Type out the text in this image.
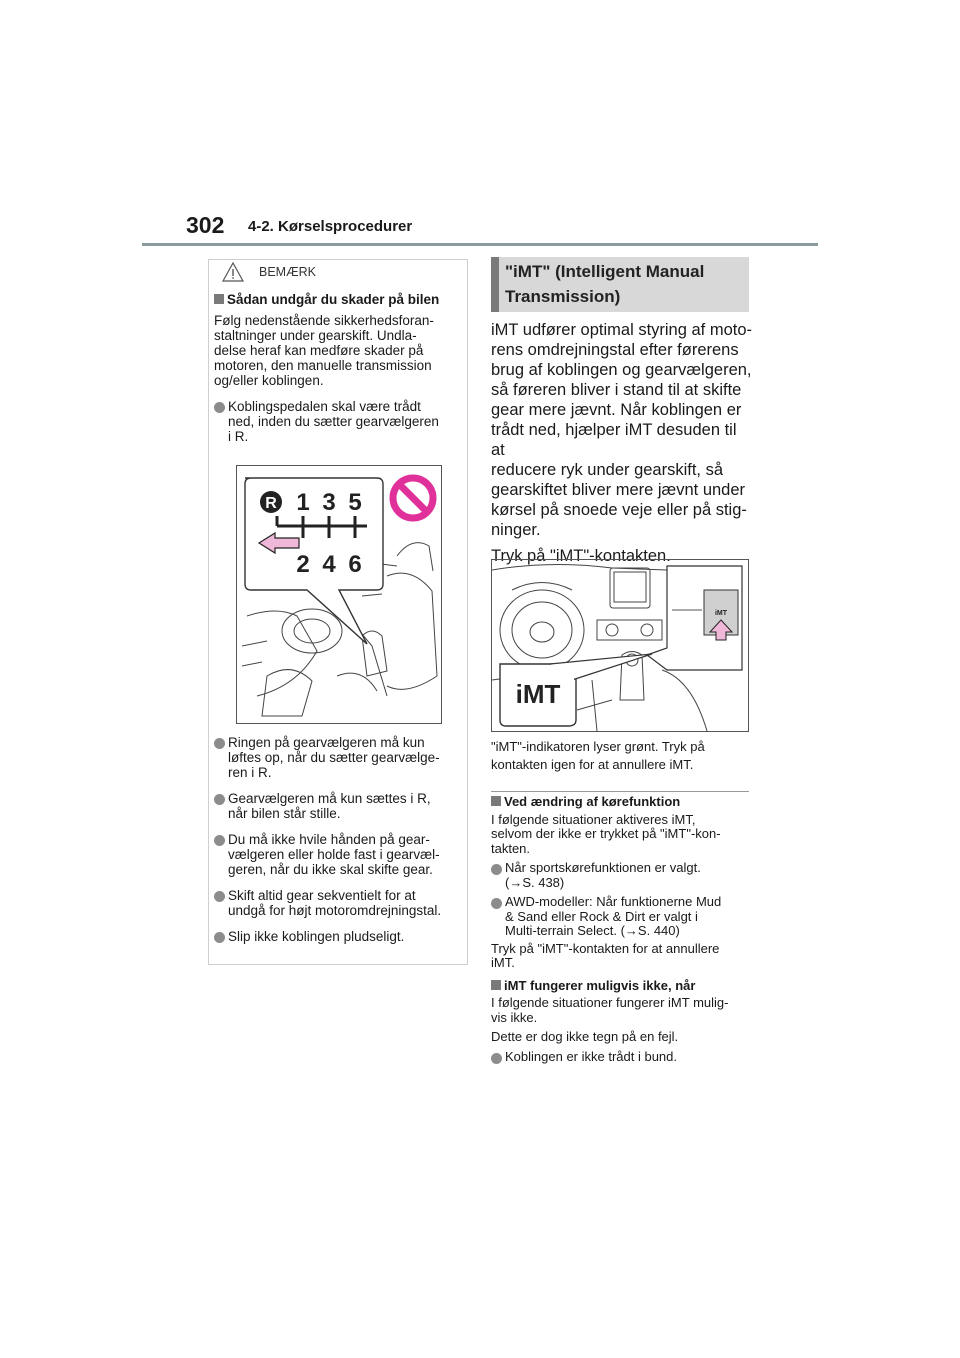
302 4-2. Kørselsprocedurer
BEMÆRK

Sådan undgår du skader på bilen

Følg nedenstående sikkerhedsforan-
staltninger under gearskift. Undla-
delse heraf kan medføre skader på
motoren, den manuelle transmission
og/eller koblingen.

Koblingspedalen skal være trådt
ned, inden du sætter gearvælgeren
i R.

R 1 3 5
2 4 6

Ringen på gearvælgeren må kun
løftes op, når du sætter gearvælge-
ren i R.

Gearvælgeren må kun sættes i R,
når bilen står stille.

Du må ikke hvile hånden på gear-
vælgeren eller holde fast i gearvæl-
geren, når du ikke skal skifte gear.

Skift altid gear sekventielt for at
undgå for højt motoromdrejningstal.

Slip ikke koblingen pludseligt.

"iMT" (Intelligent Manual
Transmission)

iMT udfører optimal styring af moto-
rens omdrejningstal efter førerens
brug af koblingen og gearvælgeren,
så føreren bliver i stand til at skifte
gear mere jævnt. Når koblingen er
trådt ned, hjælper iMT desuden til at
reducere ryk under gearskift, så
gearskiftet bliver mere jævnt under
kørsel på snoede veje eller på stig-
ninger.

Tryk på "iMT"-kontakten.

iMT
iMT
"iMT"-indikatoren lyser grønt. Tryk på
kontakten igen for at annullere iMT.

Ved ændring af kørefunktion

I følgende situationer aktiveres iMT,
selvom der ikke er trykket på "iMT"-kon-
takten.

Når sportskørefunktionen er valgt.
(→S. 438)

AWD-modeller: Når funktionerne Mud
& Sand eller Rock & Dirt er valgt i
Multi-terrain Select. (→S. 440)

Tryk på "iMT"-kontakten for at annullere
iMT.

iMT fungerer muligvis ikke, når

I følgende situationer fungerer iMT mulig-
vis ikke.

Dette er dog ikke tegn på en fejl.

Koblingen er ikke trådt i bund.
